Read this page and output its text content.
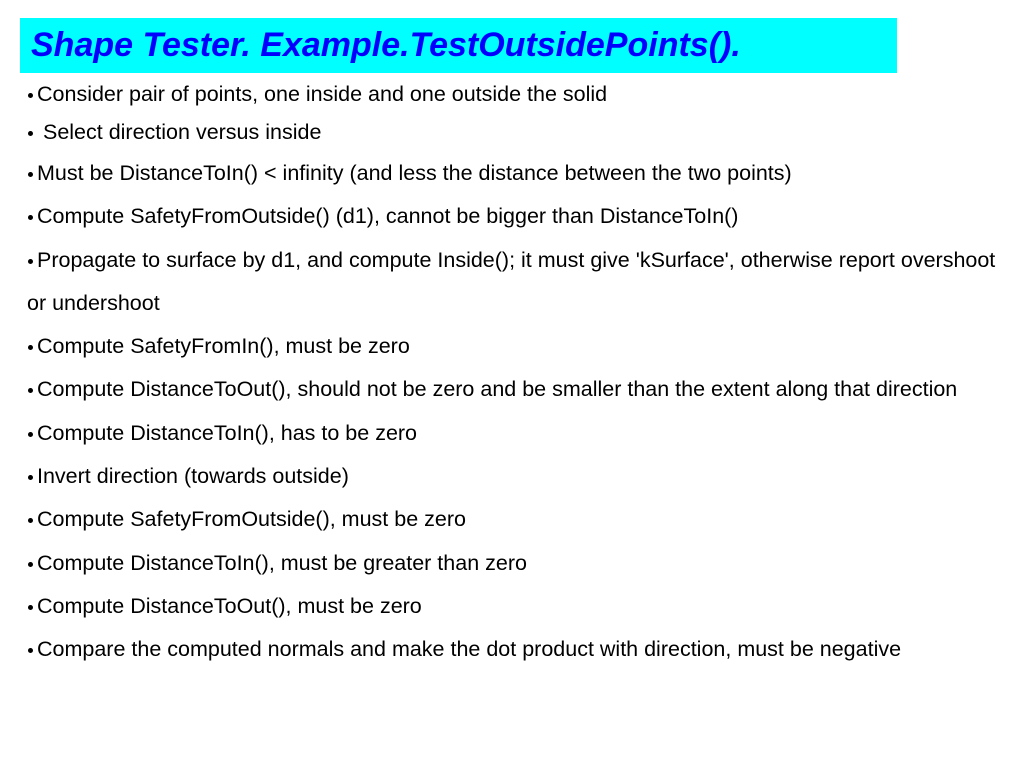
Shape Tester. Example.TestOutsidePoints().
Consider pair of points, one inside and one outside the solid
Select direction versus inside
Must be DistanceToIn() < infinity (and less the distance between the two points)
Compute SafetyFromOutside() (d1), cannot be bigger than DistanceToIn()
Propagate to surface by d1, and compute Inside(); it must give 'kSurface', otherwise report overshoot or undershoot
Compute SafetyFromIn(), must be zero
Compute DistanceToOut(), should not be zero and be smaller than the extent along that direction
Compute DistanceToIn(), has to be zero
Invert direction (towards outside)
Compute SafetyFromOutside(), must be zero
Compute DistanceToIn(), must be greater than zero
Compute DistanceToOut(), must be zero
Compare the computed normals and make the dot product with direction, must be negative
